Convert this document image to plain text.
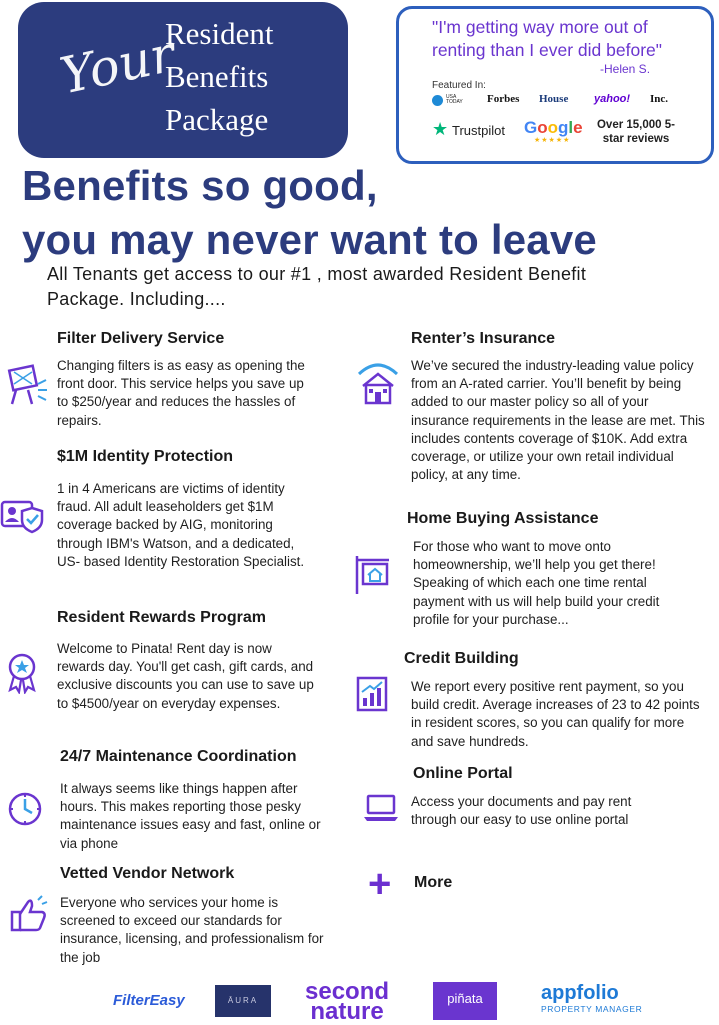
Your
Resident
Benefits
Package
"I'm getting way more out of renting than I ever did before"
-Helen S.
Featured In:
USA TODAY Forbes House yahoo! Inc.
★ Trustpilot Google
★★★★★
Over 15,000 5-star reviews
Benefits so good,
you may never want to leave
All Tenants get access to our #1 , most awarded Resident Benefit Package. Including....
Filter Delivery Service
Changing filters is as easy as opening the front door. This service helps you save up to $250/year and reduces the hassles of repairs.
$1M Identity Protection
1 in 4 Americans are victims of identity fraud. All adult leaseholders get $1M coverage backed by AIG, monitoring through IBM's Watson, and a dedicated, US- based Identity Restoration Specialist.
Resident Rewards Program
Welcome to Pinata! Rent day is now rewards day. You'll get cash, gift cards, and exclusive discounts you can use to save up to $4500/year on everyday expenses.
24/7 Maintenance Coordination
It always seems like things happen after hours. This makes reporting those pesky maintenance issues easy and fast, online or via phone
Vetted Vendor Network
Everyone who services your home is screened to exceed our standards for insurance, licensing, and professionalism for the job
Renter’s Insurance
We’ve secured the industry-leading value policy from an A-rated carrier. You’ll benefit by being added to our master policy so all of your insurance requirements in the lease are met. This includes contents coverage of $10K. Add extra coverage, or utilize your own retail individual policy, at any time.
Home Buying Assistance
For those who want to move onto homeownership, we’ll help you get there! Speaking of which each one time rental payment with us will help build your credit profile for your purchase...
Credit Building
We report every positive rent payment, so you build credit. Average increases of 23 to 42 points in resident scores, so you can qualify for more and save hundreds.
Online Portal
Access your documents and pay rent through our easy to use online portal
+ More
FilterEasy	ĀURA	second
nature	piñata	appfolio
PROPERTY MANAGER
